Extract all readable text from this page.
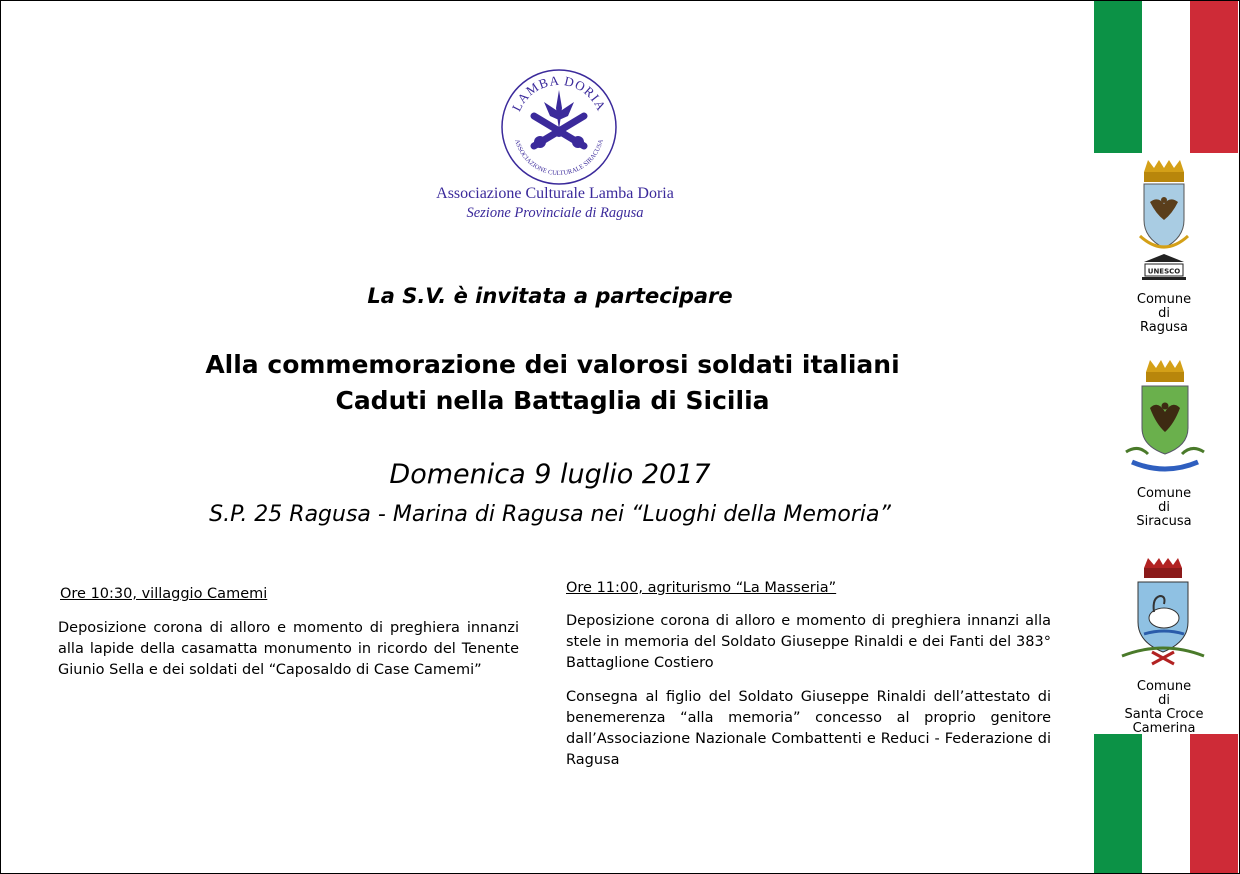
LAMBA DORIA
ASSOCIAZIONE CULTURALE SIRACUSA
Associazione Culturale Lamba Doria
Sezione Provinciale di Ragusa
La S.V. è invitata a partecipare
Alla commemorazione dei valorosi soldati italiani
Caduti nella Battaglia di Sicilia
Domenica 9 luglio 2017
S.P. 25 Ragusa - Marina di Ragusa nei “Luoghi della Memoria”
Ore 10:30, villaggio Camemi

Deposizione corona di alloro e momento di preghiera innanzi alla lapide della casamatta monumento in ricordo del Tenente Giunio Sella e dei soldati del “Caposaldo di Case Camemi”

Ore 11:00, agriturismo “La Masseria”

Deposizione corona di alloro e momento di preghiera innanzi alla stele in memoria del Soldato Giuseppe Rinaldi e dei Fanti del 383° Battaglione Costiero

Consegna al figlio del Soldato Giuseppe Rinaldi dell’attestato di benemerenza “alla memoria” concesso al proprio genitore dall’Associazione Nazionale Combattenti e Reduci - Federazione di Ragusa

UNESCO
Comune
di
Ragusa
Comune
di
Siracusa
Comune
di
Santa Croce Camerina
